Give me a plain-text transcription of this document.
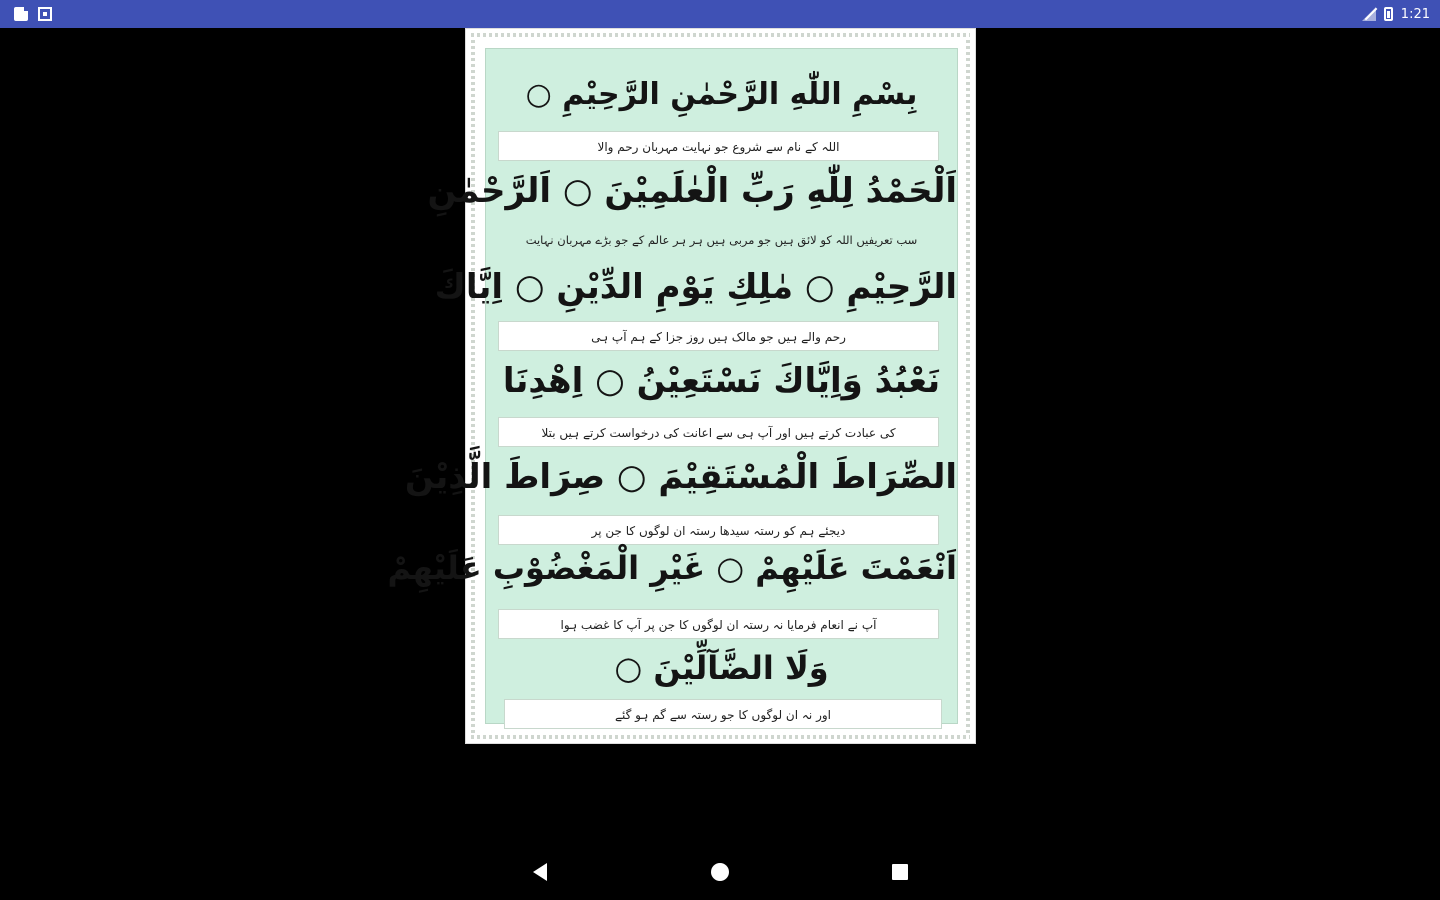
1:21
بِسْمِ اللّٰهِ الرَّحْمٰنِ الرَّحِيْمِ ○
اللہ کے نام سے شروع جو نہایت مہربان رحم والا
اَلْحَمْدُ لِلّٰهِ رَبِّ الْعٰلَمِيْنَ ○ اَلرَّحْمٰنِ
سب تعریفیں اللہ کو لائق ہیں جو مربی ہیں ہر ہر عالم کے جو بڑے مہربان نہایت
الرَّحِيْمِ ○ مٰلِكِ يَوْمِ الدِّيْنِ ○ اِيَّاكَ
رحم والے ہیں جو مالک ہیں روز جزا کے ہم آپ ہی
نَعْبُدُ وَاِيَّاكَ نَسْتَعِيْنُ ○ اِهْدِنَا
کی عبادت کرتے ہیں اور آپ ہی سے اعانت کی درخواست کرتے ہیں بتلا
الصِّرَاطَ الْمُسْتَقِيْمَ ○ صِرَاطَ الَّذِيْنَ
دیجئے ہم کو رستہ سیدھا رستہ ان لوگوں کا جن پر
اَنْعَمْتَ عَلَيْهِمْ ○ غَيْرِ الْمَغْضُوْبِ عَلَيْهِمْ
آپ نے انعام فرمایا نہ رستہ ان لوگوں کا جن پر آپ کا غضب ہوا
وَلَا الضَّآلِّيْنَ ○
اور نہ ان لوگوں کا جو رستہ سے گم ہو گئے
